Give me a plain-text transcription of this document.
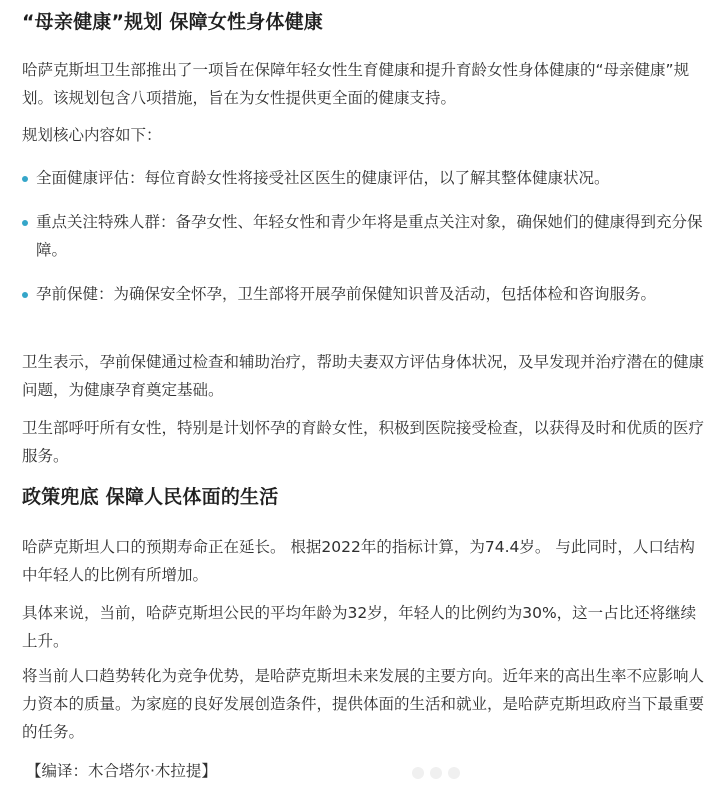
“母亲健康”规划 保障女性身体健康

哈萨克斯坦卫生部推出了一项旨在保障年轻女性生育健康和提升育龄女性身体健康的“母亲健康”规划。该规划包含八项措施，旨在为女性提供更全面的健康支持。

规划核心内容如下：

全面健康评估：每位育龄女性将接受社区医生的健康评估，以了解其整体健康状况。
重点关注特殊人群：备孕女性、年轻女性和青少年将是重点关注对象，确保她们的健康得到充分保障。
孕前保健：为确保安全怀孕，卫生部将开展孕前保健知识普及活动，包括体检和咨询服务。

卫生表示，孕前保健通过检查和辅助治疗，帮助夫妻双方评估身体状况，及早发现并治疗潜在的健康问题，为健康孕育奠定基础。

卫生部呼吁所有女性，特别是计划怀孕的育龄女性，积极到医院接受检查，以获得及时和优质的医疗服务。

政策兜底 保障人民体面的生活

哈萨克斯坦人口的预期寿命正在延长。 根据2022年的指标计算，为74.4岁。 与此同时，人口结构中年轻人的比例有所增加。

具体来说，当前，哈萨克斯坦公民的平均年龄为32岁，年轻人的比例约为30%，这一占比还将继续上升。

将当前人口趋势转化为竞争优势，是哈萨克斯坦未来发展的主要方向。近年来的高出生率不应影响人力资本的质量。为家庭的良好发展创造条件，提供体面的生活和就业，是哈萨克斯坦政府当下最重要的任务。

【编译：木合塔尔·木拉提】
